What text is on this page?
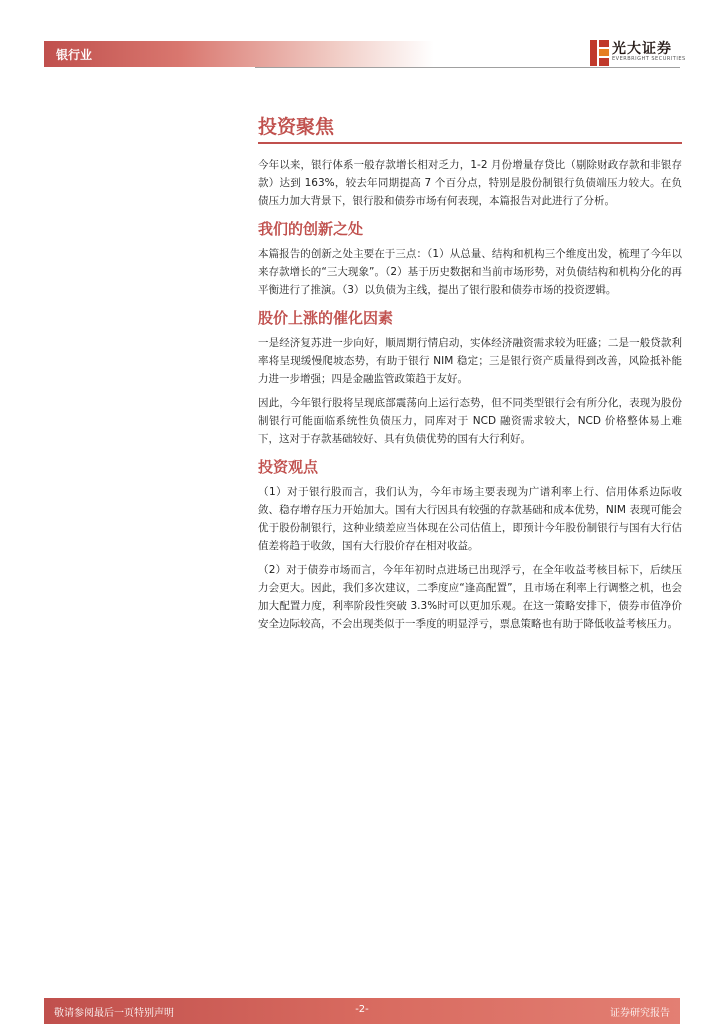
银行业	光大证券
EVERBRIGHT SECURITIES
投资聚焦

今年以来，银行体系一般存款增长相对乏力，1-2 月份增量存贷比（剔除财政存款和非银存款）达到 163%，较去年同期提高 7 个百分点，特别是股份制银行负债端压力较大。在负债压力加大背景下，银行股和债券市场有何表现，本篇报告对此进行了分析。

我们的创新之处

本篇报告的创新之处主要在于三点：（1）从总量、结构和机构三个维度出发，梳理了今年以来存款增长的“三大现象”。（2）基于历史数据和当前市场形势，对负债结构和机构分化的再平衡进行了推演。（3）以负债为主线，提出了银行股和债券市场的投资逻辑。

股价上涨的催化因素

一是经济复苏进一步向好，顺周期行情启动，实体经济融资需求较为旺盛；二是一般贷款利率将呈现缓慢爬坡态势，有助于银行 NIM 稳定；三是银行资产质量得到改善，风险抵补能力进一步增强；四是金融监管政策趋于友好。

因此，今年银行股将呈现底部震荡向上运行态势，但不同类型银行会有所分化，表现为股份制银行可能面临系统性负债压力，同库对于 NCD 融资需求较大，NCD 价格整体易上难下，这对于存款基础较好、具有负债优势的国有大行利好。

投资观点

（1）对于银行股而言，我们认为，今年市场主要表现为广谱利率上行、信用体系边际收敛、稳存增存压力开始加大。国有大行因具有较强的存款基础和成本优势，NIM 表现可能会优于股份制银行，这种业绩差应当体现在公司估值上，即预计今年股份制银行与国有大行估值差将趋于收敛，国有大行股价存在相对收益。

（2）对于债券市场而言，今年年初时点进场已出现浮亏，在全年收益考核目标下，后续压力会更大。因此，我们多次建议，二季度应“逢高配置”，且市场在利率上行调整之机，也会加大配置力度，利率阶段性突破 3.3%时可以更加乐观。在这一策略安排下，债券市值净价安全边际较高，不会出现类似于一季度的明显浮亏，票息策略也有助于降低收益考核压力。

-2-
敬请参阅最后一页特别声明	证券研究报告
